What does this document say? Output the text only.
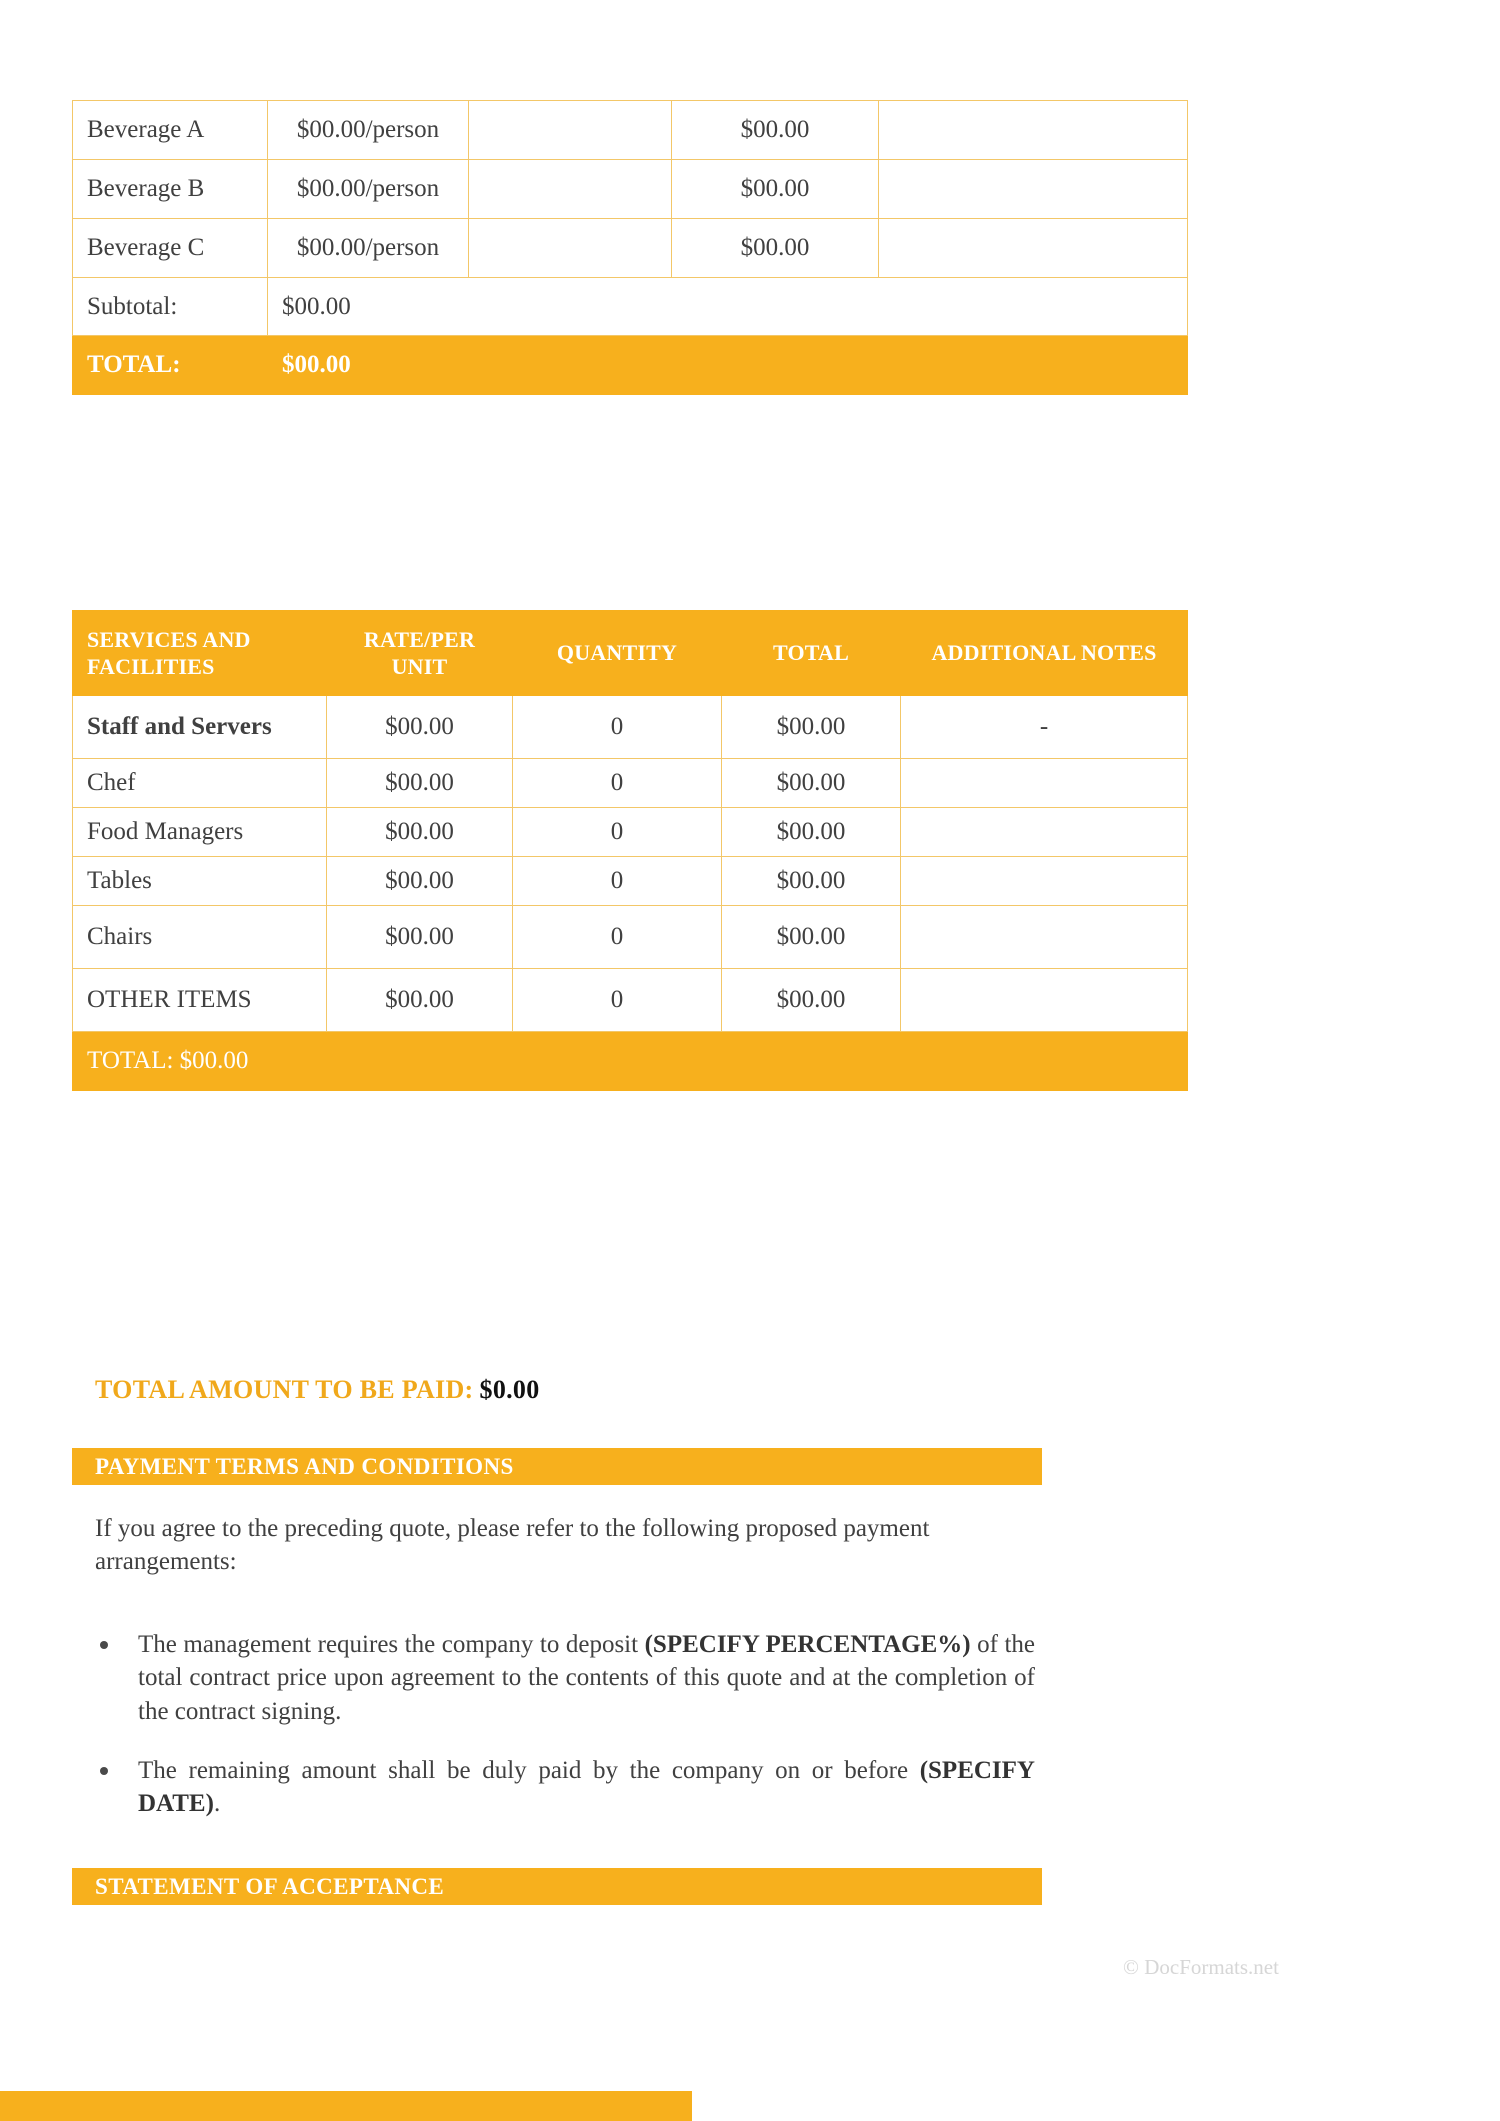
Beverage A	$00.00/person		$00.00	
Beverage B	$00.00/person		$00.00	
Beverage C	$00.00/person		$00.00	
Subtotal:	$00.00			
TOTAL:	$00.00			
SERVICES AND FACILITIES	RATE/PER UNIT	QUANTITY	TOTAL	ADDITIONAL NOTES
Staff and Servers	$00.00	0	$00.00	-
Chef	$00.00	0	$00.00	
Food Managers	$00.00	0	$00.00	
Tables	$00.00	0	$00.00	
Chairs	$00.00	0	$00.00	
OTHER ITEMS	$00.00	0	$00.00	
TOTAL: $00.00				
TOTAL AMOUNT TO BE PAID: $0.00
PAYMENT TERMS AND CONDITIONS
If you agree to the preceding quote, please refer to the following proposed payment arrangements:
The management requires the company to deposit (SPECIFY PERCENTAGE%) of the total contract price upon agreement to the contents of this quote and at the completion of the contract signing.
The remaining amount shall be duly paid by the company on or before (SPECIFY DATE).
STATEMENT OF ACCEPTANCE
© DocFormats.net
